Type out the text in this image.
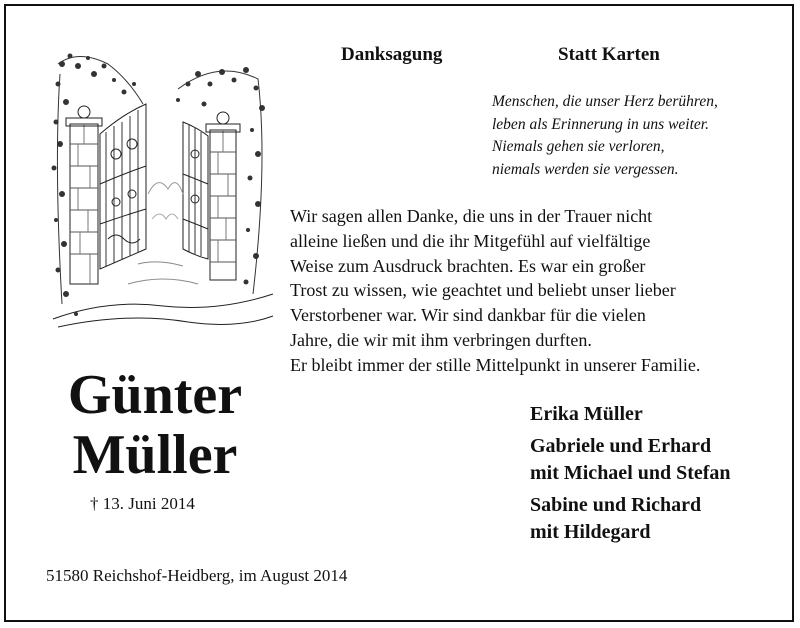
Danksagung	Statt Karten
Menschen, die unser Herz berühren,
leben als Erinnerung in uns weiter.
Niemals gehen sie verloren,
niemals werden sie vergessen.
Wir sagen allen Danke, die uns in der Trauer nicht
alleine ließen und die ihr Mitgefühl auf vielfältige
Weise zum Ausdruck brachten. Es war ein großer
Trost zu wissen, wie geachtet und beliebt unser lieber
Verstorbener war. Wir sind dankbar für die vielen
Jahre, die wir mit ihm verbringen durften.
Er bleibt immer der stille Mittelpunkt in unserer Familie.
Günter
Müller
† 13. Juni 2014
Erika Müller
Gabriele und Erhard
mit Michael und Stefan
Sabine und Richard
mit Hildegard
51580 Reichshof-Heidberg, im August 2014
